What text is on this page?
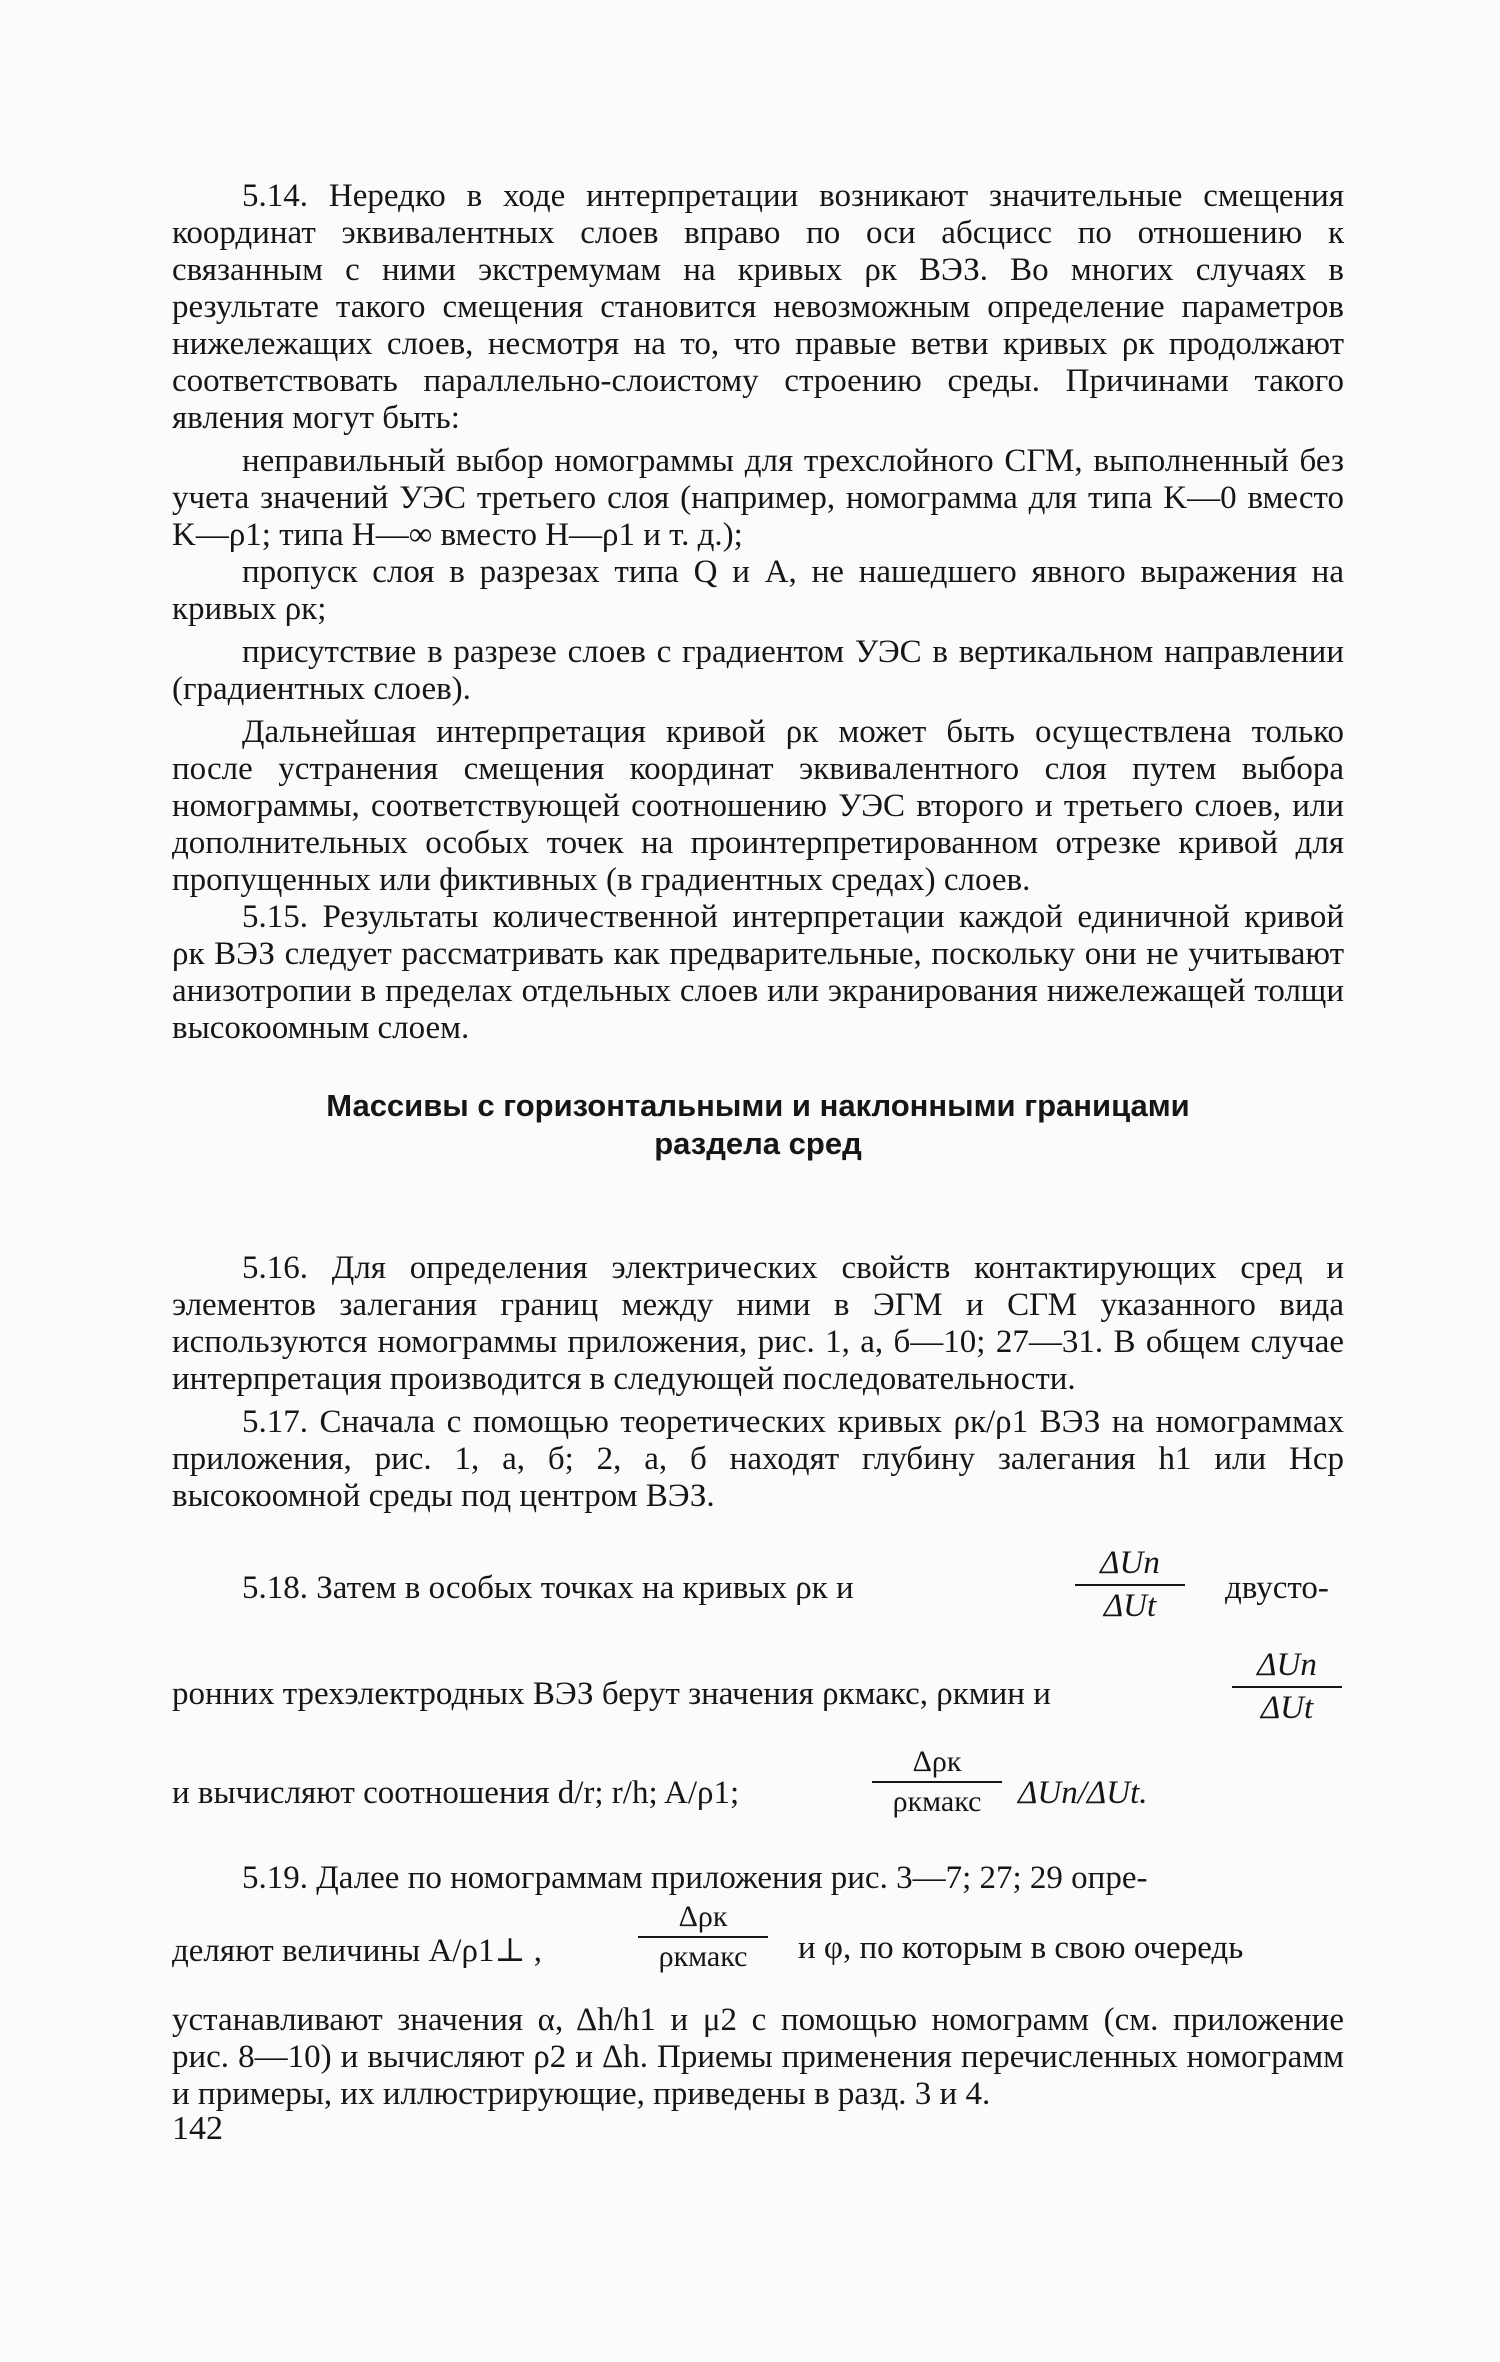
5.14. Нередко в ходе интерпретации возникают значительные смещения координат эквивалентных слоев вправо по оси абсцисс по отношению к связанным с ними экстремумам на кривых ρк ВЭЗ. Во многих случаях в результате такого смещения становится невозможным определение параметров нижележащих слоев, несмотря на то, что правые ветви кривых ρк продолжают соответствовать параллельно-слоистому строению среды. Причинами такого явления могут быть:

неправильный выбор номограммы для трехслойного СГМ, выполненный без учета значений УЭС третьего слоя (например, номограмма для типа K—0 вместо K—ρ1; типа H—∞ вместо H—ρ1 и т. д.);

пропуск слоя в разрезах типа Q и A, не нашедшего явного выражения на кривых ρк;

присутствие в разрезе слоев с градиентом УЭС в вертикальном направлении (градиентных слоев).

Дальнейшая интерпретация кривой ρк может быть осуществлена только после устранения смещения координат эквивалентного слоя путем выбора номограммы, соответствующей соотношению УЭС второго и третьего слоев, или дополнительных особых точек на проинтерпретированном отрезке кривой для пропущенных или фиктивных (в градиентных средах) слоев.

5.15. Результаты количественной интерпретации каждой единичной кривой ρк ВЭЗ следует рассматривать как предварительные, поскольку они не учитывают анизотропии в пределах отдельных слоев или экранирования нижележащей толщи высокоомным слоем.

Массивы с горизонтальными и наклонными границами
раздела сред

5.16. Для определения электрических свойств контактирующих сред и элементов залегания границ между ними в ЭГМ и СГМ указанного вида используются номограммы приложения, рис. 1, а, б—10; 27—31. В общем случае интерпретация производится в следующей последовательности.

5.17. Сначала с помощью теоретических кривых ρк/ρ1 ВЭЗ на номограммах приложения, рис. 1, а, б; 2, а, б находят глубину залегания h1 или Hср высокоомной среды под центром ВЭЗ.

5.18. Затем в особых точках на кривых ρк и
ΔUn
ΔUt	двусто-
ронних трехэлектродных ВЭЗ берут значения ρкмакс, ρкмин и
ΔUn
ΔUt
и вычисляют соотношения d/r; r/h; A/ρ1;
Δρк
ρкмакс	ΔUn/ΔUt.
5.19. Далее по номограммам приложения рис. 3—7; 27; 29 опре-
деляют величины A/ρ1⊥ ,
Δρк
ρкмакс	и φ, по которым в свою очередь

устанавливают значения α, Δh/h1 и μ2 с помощью номограмм (см. приложение рис. 8—10) и вычисляют ρ2 и Δh. Приемы применения перечисленных номограмм и примеры, их иллюстрирующие, приведены в разд. 3 и 4.

142
